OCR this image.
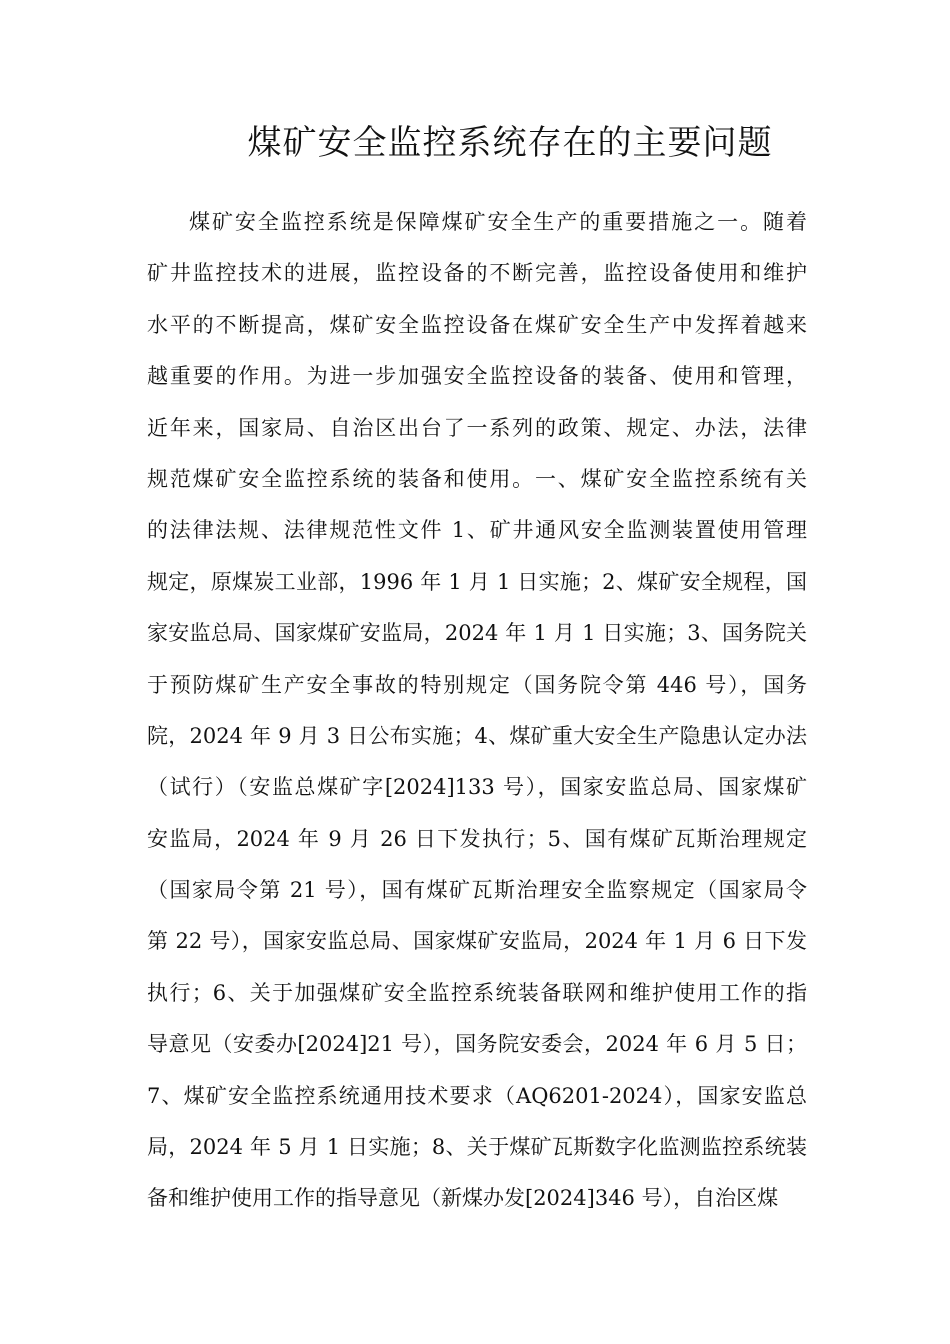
煤矿安全监控系统存在的主要问题
煤矿安全监控系统是保障煤矿安全生产的重要措施之一。随着
矿井监控技术的进展，监控设备的不断完善，监控设备使用和维护
水平的不断提高，煤矿安全监控设备在煤矿安全生产中发挥着越来
越重要的作用。为进一步加强安全监控设备的装备、使用和管理，
近年来，国家局、自治区出台了一系列的政策、规定、办法，法律
规范煤矿安全监控系统的装备和使用。一、煤矿安全监控系统有关
的法律法规、法律规范性文件 1、矿井通风安全监测装置使用管理
规定，原煤炭工业部，1996 年 1 月 1 日实施；2、煤矿安全规程，国
家安监总局、国家煤矿安监局，2024 年 1 月 1 日实施；3、国务院关
于预防煤矿生产安全事故的特别规定（国务院令第 446 号），国务
院，2024 年 9 月 3 日公布实施；4、煤矿重大安全生产隐患认定办法
（试行）（安监总煤矿字[2024]133 号），国家安监总局、国家煤矿
安监局，2024 年 9 月 26 日下发执行；5、国有煤矿瓦斯治理规定
（国家局令第 21 号），国有煤矿瓦斯治理安全监察规定（国家局令
第 22 号），国家安监总局、国家煤矿安监局，2024 年 1 月 6 日下发
执行；6、关于加强煤矿安全监控系统装备联网和维护使用工作的指
导意见（安委办[2024]21 号），国务院安委会，2024 年 6 月 5 日；
7、煤矿安全监控系统通用技术要求（AQ6201-2024），国家安监总
局，2024 年 5 月 1 日实施；8、关于煤矿瓦斯数字化监测监控系统装
备和维护使用工作的指导意见（新煤办发[2024]346 号），自治区煤
